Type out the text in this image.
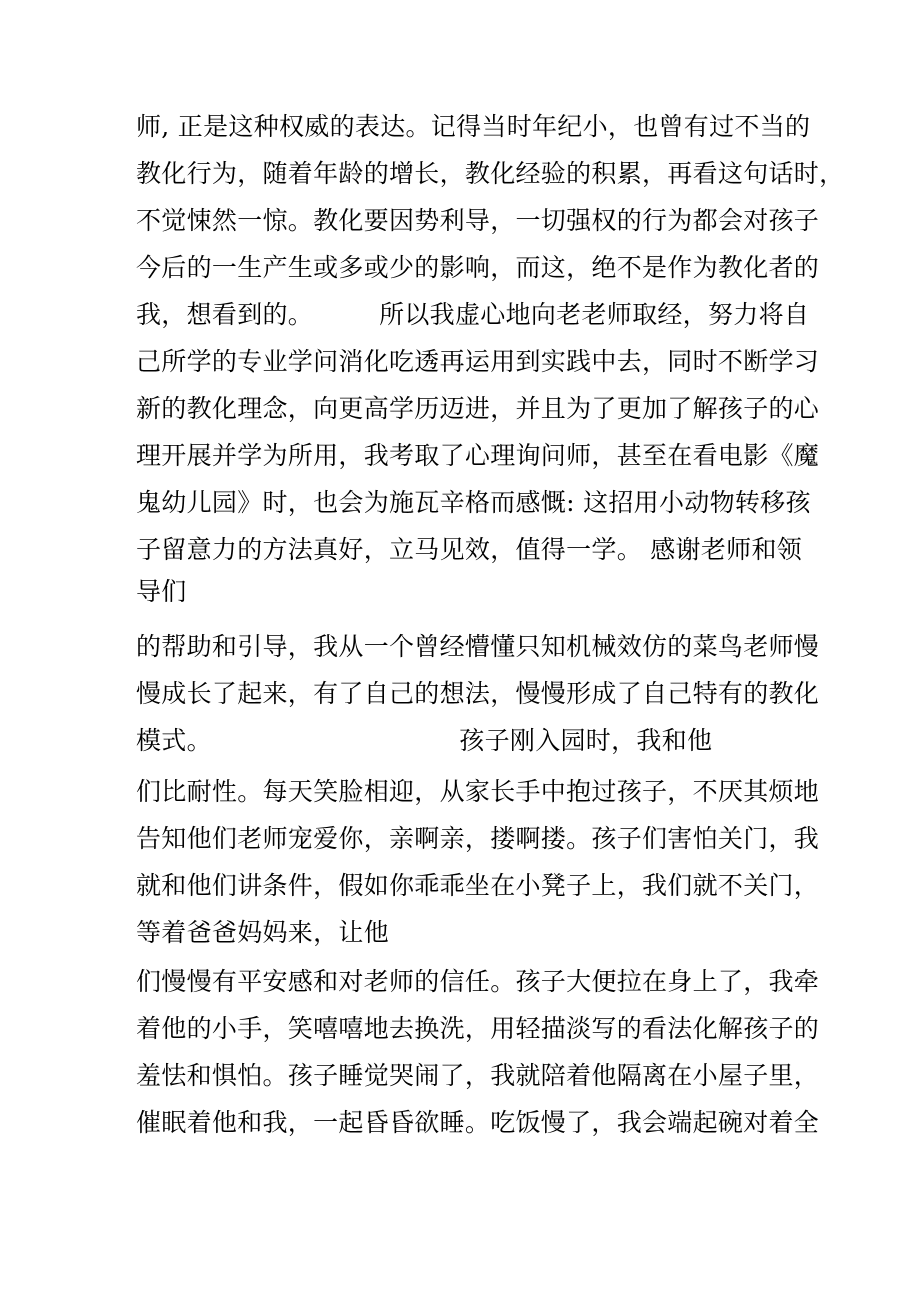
师, 正是这种权威的表达。记得当时年纪小，也曾有过不当的
教化行为，随着年龄的增长，教化经验的积累，再看这句话时，
不觉悚然一惊。教化要因势利导，一切强权的行为都会对孩子
今后的一生产生或多或少的影响，而这，绝不是作为教化者的
我，想看到的。        所以我虚心地向老老师取经，努力将自
己所学的专业学问消化吃透再运用到实践中去，同时不断学习
新的教化理念，向更高学历迈进，并且为了更加了解孩子的心
理开展并学为所用，我考取了心理询问师，甚至在看电影《魔
鬼幼儿园》时，也会为施瓦辛格而感慨: 这招用小动物转移孩
子留意力的方法真好，立马见效，值得一学。 感谢老师和领
导们
的帮助和引导，我从一个曾经懵懂只知机械效仿的菜鸟老师慢
慢成长了起来，有了自己的想法，慢慢形成了自己特有的教化
模式。                              孩子刚入园时，我和他
们比耐性。每天笑脸相迎，从家长手中抱过孩子，不厌其烦地
告知他们老师宠爱你，亲啊亲，搂啊搂。孩子们害怕关门，我
就和他们讲条件，假如你乖乖坐在小凳子上，我们就不关门，
等着爸爸妈妈来，让他
们慢慢有平安感和对老师的信任。孩子大便拉在身上了，我牵
着他的小手，笑嘻嘻地去换洗，用轻描淡写的看法化解孩子的
羞怯和惧怕。孩子睡觉哭闹了，我就陪着他隔离在小屋子里，
催眠着他和我，一起昏昏欲睡。吃饭慢了，我会端起碗对着全
